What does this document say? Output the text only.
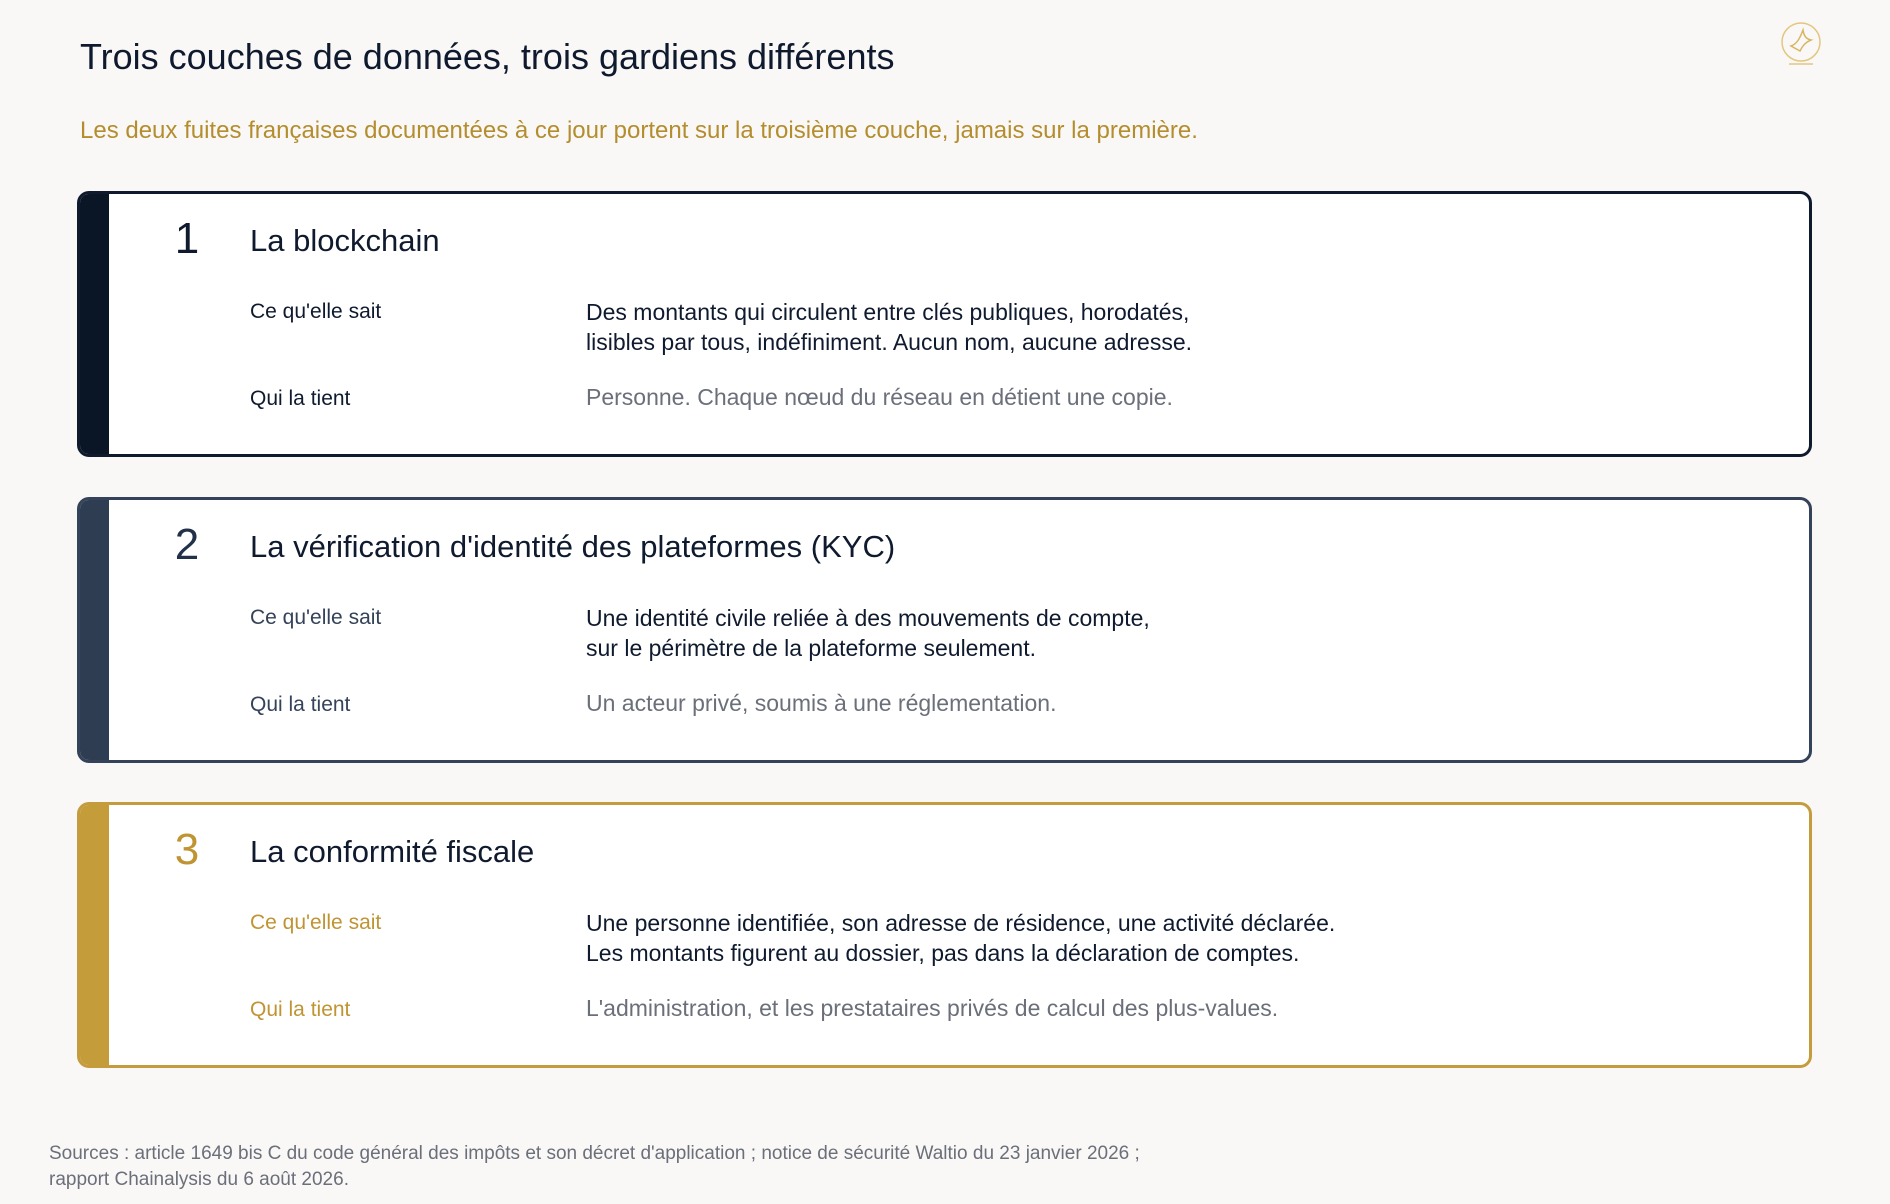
Trois couches de données, trois gardiens différents

Les deux fuites françaises documentées à ce jour portent sur la troisième couche, jamais sur la première.

1	La blockchain
Ce qu'elle sait	Des montants qui circulent entre clés publiques, horodatés,
lisibles par tous, indéfiniment. Aucun nom, aucune adresse.
Qui la tient	Personne. Chaque nœud du réseau en détient une copie.
2	La vérification d'identité des plateformes (KYC)
Ce qu'elle sait	Une identité civile reliée à des mouvements de compte,
sur le périmètre de la plateforme seulement.
Qui la tient	Un acteur privé, soumis à une réglementation.
3	La conformité fiscale
Ce qu'elle sait	Une personne identifiée, son adresse de résidence, une activité déclarée.
Les montants figurent au dossier, pas dans la déclaration de comptes.
Qui la tient	L'administration, et les prestataires privés de calcul des plus-values.
Sources : article 1649 bis C du code général des impôts et son décret d'application ; notice de sécurité Waltio du 23 janvier 2026 ;
rapport Chainalysis du 6 août 2026.
